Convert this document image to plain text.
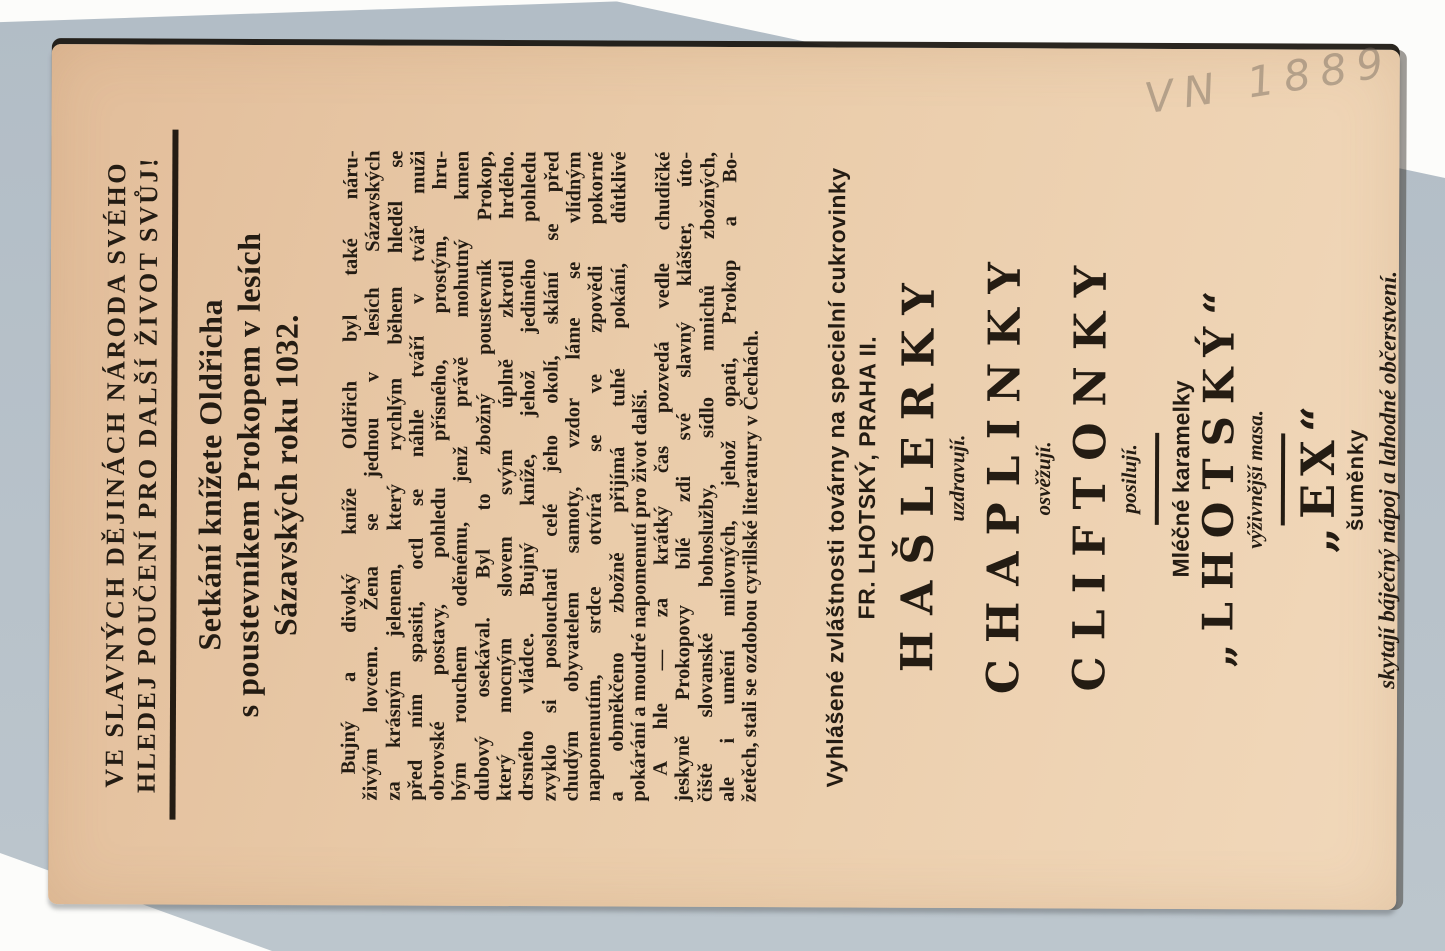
VN 1889
VE SLAVNÝCH DĚJINÁCH NÁRODA SVÉHO HLEDEJ POUČENÍ PRO DALŠÍ ŽIVOT SVŮJ! Setkání knížete Oldřicha s poustevníkem Prokopem v lesích Sázavských roku 1032. Bujný a divoký kníže Oldřich byl také náru-
živým lovcem. Žena se jednou v lesích Sázavských
za krásným jelenem, který rychlým během hleděl se
před ním spasiti, octl se náhle tváří v tvář muži
obrovské postavy, pohledu přísného, prostým, hru-
bým rouchem oděnému, jenž právě mohutný kmen
dubový osekával. Byl to zbožný poustevník Prokop,
který mocným slovem svým úplně zkrotil hrdého.
drsného vládce. Bujný kníže, jehož jediného pohledu
zvyklo si poslouchati celé jeho okolí, sklání se před
chudým obyvatelem samoty, vzdor láme se vlídným
napomenutím, srdce otvírá se ve zpovědi pokorné
a obměkčeno zbožně přijímá tuhé pokání, důtklivé
pokárání a moudré napomenutí pro život další.
A hle — za krátký čas pozvedá vedle chudičké
jeskyně Prokopovy bílé zdi své slavný klášter, úto-
čiště slovanské bohoslužby, sídlo mnichů zbožných,
ale i umění milovných, jehož opati, Prokop a Bo-
žetěch, stali se ozdobou cyrillské literatury v Čechách.	Vyhlášené zvláštnosti továrny na specielní cukrovinky FR. LHOTSKÝ, PRAHA II. HAŠLERKY uzdravují. CHAPLINKY osvěžují. CLIFTONKY posilují. Mléčné karamelky
„LHOTSKÝ“
výživnější masa. „EX“
šuměnky skytají báječný nápoj a lahodné občerstvení.
